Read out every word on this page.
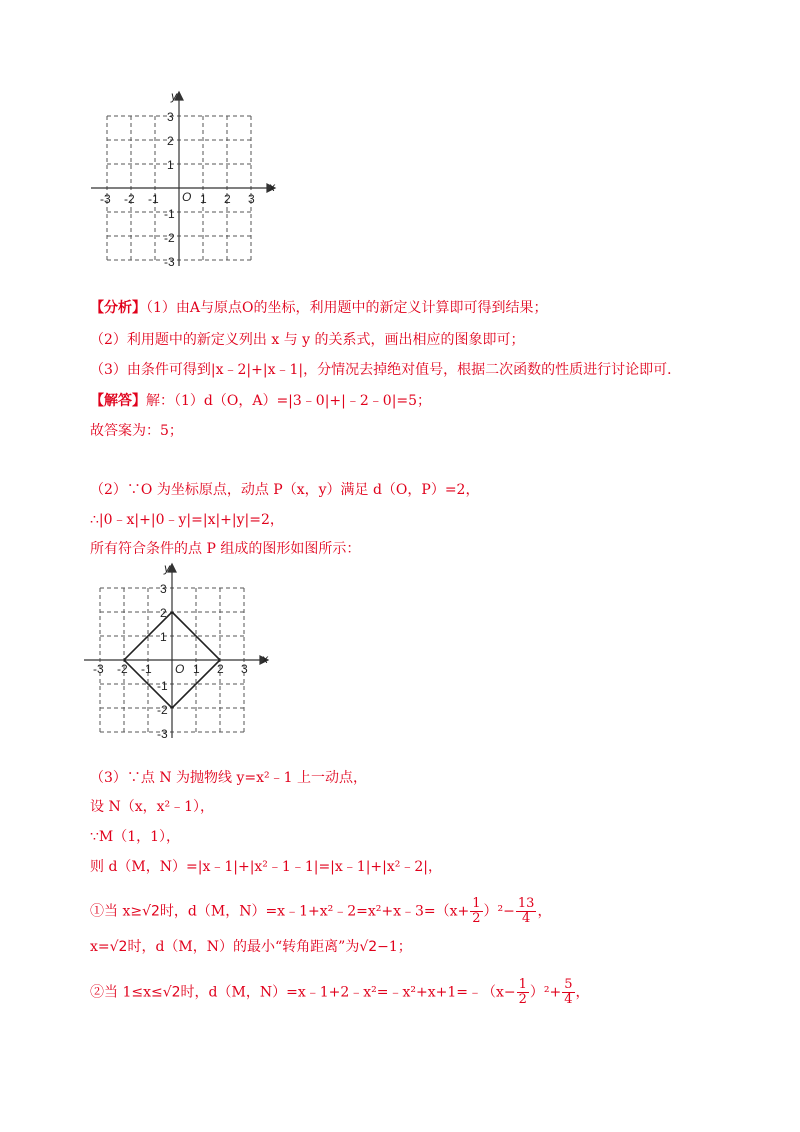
x
y
O
-3 -2 -1	1 2 3
3
2
1
-1
-2
-3
【分析】（1）由A与原点O的坐标，利用题中的新定义计算即可得到结果；
（2）利用题中的新定义列出 x 与 y 的关系式，画出相应的图象即可；
（3）由条件可得到|x﹣2|+|x﹣1|，分情况去掉绝对值号，根据二次函数的性质进行讨论即可．
【解答】解：（1）d（O，A）=|3﹣0|+|﹣2﹣0|=5；
故答案为：5；
（2）∵O 为坐标原点，动点 P（x，y）满足 d（O，P）=2，
∴|0﹣x|+|0﹣y|=|x|+|y|=2，
所有符合条件的点 P 组成的图形如图所示：
x
y
O
-3 -2 -1	1 2 3
3
2
1
-1
-2
-3
（3）∵点 N 为抛物线 y=x²﹣1 上一动点，
设 N（x，x²﹣1），
∵M（1，1），
则 d（M，N）=|x﹣1|+|x²﹣1﹣1|=|x﹣1|+|x²﹣2|，
①当 x≥√2时，d（M，N）=x﹣1+x²﹣2=x²+x﹣3=（x+ $\frac{1}{2} )^2- \frac{13}{4}$ ，
x=√2时，d（M，N）的最小“转角距离”为√2−1；
②当 1≤x≤√2时，d（M，N）=x﹣1+2﹣x²=﹣x²+x+1=﹣（x− $\frac{1}{2} )^2+ \frac{5}{4}$ ，
